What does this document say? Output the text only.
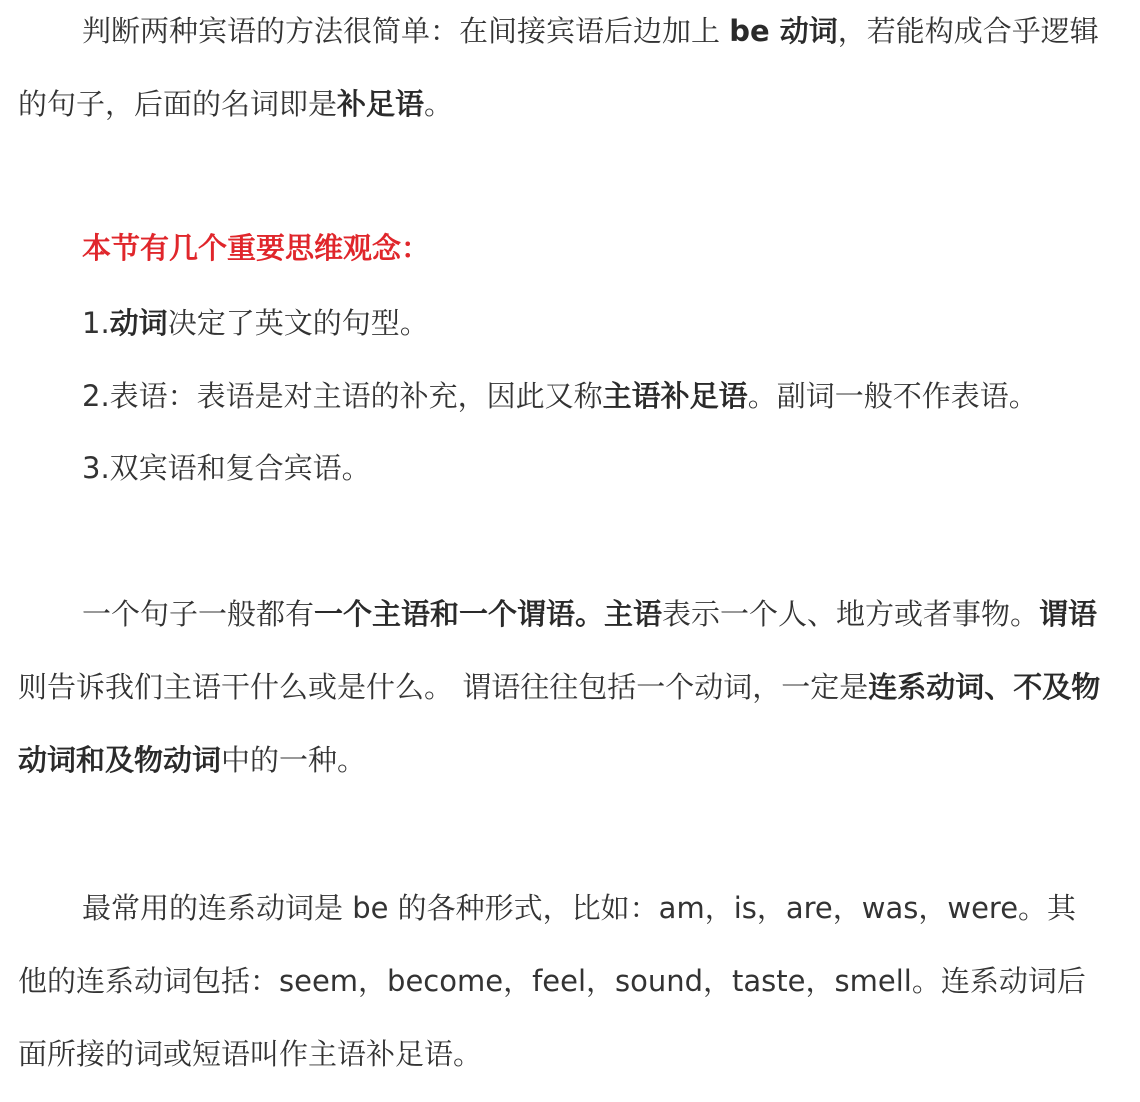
判断两种宾语的方法很简单：在间接宾语后边加上 be 动词，若能构成合乎逻辑的句子，后面的名词即是补足语。

本节有几个重要思维观念：

1.动词决定了英文的句型。

2.表语：表语是对主语的补充，因此又称主语补足语。副词一般不作表语。

3.双宾语和复合宾语。

一个句子一般都有一个主语和一个谓语。主语表示一个人、地方或者事物。谓语则告诉我们主语干什么或是什么。 谓语往往包括一个动词，一定是连系动词、不及物动词和及物动词中的一种。

最常用的连系动词是 be 的各种形式，比如：am，is，are，was，were。其他的连系动词包括：seem，become，feel，sound，taste，smell。连系动词后面所接的词或短语叫作主语补足语。
